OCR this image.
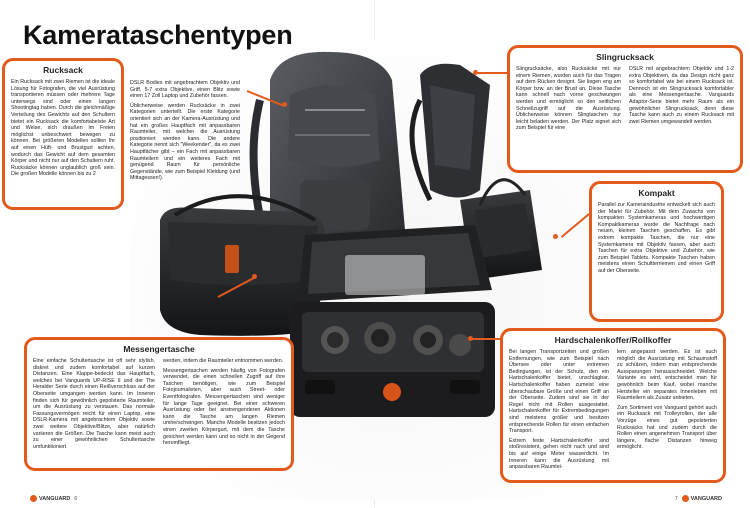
Kamerataschentypen
Rucksack
Ein Rucksack mit zwei Riemen ist die ideale Lösung für Fotografen, die viel Ausrüstung transportieren müssen oder mehrere Tage unterwegs sind oder einen langen Shootingtag haben. Durch die gleichmäßige Verteilung des Gewichts auf den Schultern bietet ein Rucksack die komfortabelste Art und Weise, sich draußen im Freien möglichst unbeschwert bewegen zu können. Bei größeren Modellen sollten Ihr auf einen Hüft- und Brustgurt achten, wodurch das Gewicht auf dem gesamten Körper und nicht nur auf den Schultern ruht. Rucksäcke können unglaublich groß sein. Die großen Modelle können bis zu 2

DSLR Bodies mit angebrachtem Objektiv und Griff, 5-7 extra Objektive, einen Blitz sowie einen 17 Zoll Laptop und Zubehör fassen.

Üblicherweise werden Rucksäcke in zwei Kategorien unterteilt. Die erste Kategorie orientiert sich an der Kamera-Ausrüstung und hat ein großes Hauptfach mit anpassbaren Raumteiler, mit welcher die Ausrüstung positioniert werden kann. Die andere Kategorie nennt sich "Weekender", da es zwei Hauptfächer gibt – ein Fach mit anpassbaren Raumteilern und ein weiteres Fach mit genügend Raum für persönliche Gegenstände, wie zum Beispiel Kleidung (und Mittagessen!).

Slingrucksack
Slingrucksäcke, also Rucksäcke mit nur einem Riemen, wurden auch für das Tragen auf dem Rücken designt. Sie liegen eng am Körper bzw. an der Brust an. Diese Tasche kann schnell nach vorne geschwungen werden und ermöglicht so den seitlichen Schnellzugriff auf die Ausrüstung. Üblicherweise können Slingtaschen nur leicht beladen werden. Der Platz eignet sich zum Beispiel für eine
DSLR mit angebrachtem Objektiv und 1-2 extra Objektiven, da das Design nicht ganz so komfortabel wie bei einem Rucksack ist. Dennoch ist ein Slingrucksack komfortabler als eine Messengertasche. Vanguards Adaptor-Serie bietet mehr Raum als ein gewöhnlicher Slingrucksack, denn diese Tasche kann auch zu einem Rucksack mit zwei Riemen umgewandelt werden.
Kompakt
Parallel zur Kameraindustrie entwickelt sich auch der Markt für Zubehör. Mit dem Zuwachs von kompakten Systemkameras und hochwertigen Kompaktkameras wurde die Nachfrage nach neuen, kleinen Taschen geschaffen. Es gibt extrem kompakte Taschen, die nur eine Systemkamera mit Objektiv fassen, aber auch Taschen für extra Objektive und Zubehör, wie zum Beispiel Tablets. Kompakte Taschen haben meistens einen Schultterriemen und einen Griff auf der Oberseite.
Messengertasche
Eine einfache Schultertasche ist oft sehr stylish, diskret und zudem komfortabel auf kurzen Distanzen. Eine Klappe-bedeckt das Hauptfach, welches bei Vanguards UP-RISE II und der The Heralder Serie durch einen Reißverschluss auf der Oberseite umgangen werden kann. Im Inneren finden sich für gewöhnlich gepolsterte Raumteiler, um die Ausrüstung zu verstauen. Das normale Fassungsvermögen reicht für einen Laptop, eine DSLR-Kamera mit angebrachtem Objektiv sowie zwei weitere Objektive/Blitze, aber natürlich variieren die Größen. Die Tasche kann meist auch zu einer gewöhnlichen Schultertasche umfunktioniert

werden, indem die Raumteiler entnommen werden.

Messengertaschen werden häufig von Fotografen verwendet, die einen schnellen Zugriff auf ihre Taschen benötigen, wie zum Beispiel Fotojournalisten, aber auch Street- oder Eventfotografen. Messengertaschen sind weniger für lange Tage geeignet. Bei einer schweren Ausrüstung oder bei anstrengenderen Aktionen kann die Tasche am langen Riemen umherschwingen. Manche Modelle besitzen jedoch einen zweiten Körpergurt, mit dem die Tasche gesichert werden kann und so nicht in der Gegend herumfliegt.

Hardschalenkoffer/Rollkoffer

Bei langen Transportzeiten und großen Entfernungen, wie zum Beispiel nach Übersee oder unter extremen Bedingungen, ist der Schutz, den ein Hartschalenkoffer bietet, unschlagbar. Hartschalenkoffer haben zumeist eine überschaubare Größe und einen Griff an der Oberseite. Zudem sind sie in der Regel nicht mit Rollen ausgestattet. Hartschalenkoffer für Extrembedingungen sind meistens größer und besitzen entsprechende Rollen für einen einfachen Transport.

Extrem feste Hartschalenkoffer sind stoßresistent, gehen nicht nach und sind bis auf einige Meter wasserdicht. Im Inneren kann die Ausrüstung mit anpassbaren Raumtei-

lern angepasst werden. Es ist auch möglich die Ausrüstung mit Schaumstoff zu schützen, indem man entsprechende Aussparungen herausschneidet. Welche Variante es wird, entscheidet man für gewöhnlich beim Kauf, wobei manche Hersteller ein separates Innenleben mit Raumteilern als Zusatz anbieten.

Zum Sortiment von Vanguard gehört auch ein Rucksack mit Trolleyrollen, der alle Vorzüge eines gut gepolsterten Rucksacks hat und zudem durch die Rollen einen angenehmen Transport über längere, flache Distanzen hinweg ermöglicht.

VANGUARD 6	7 VANGUARD
